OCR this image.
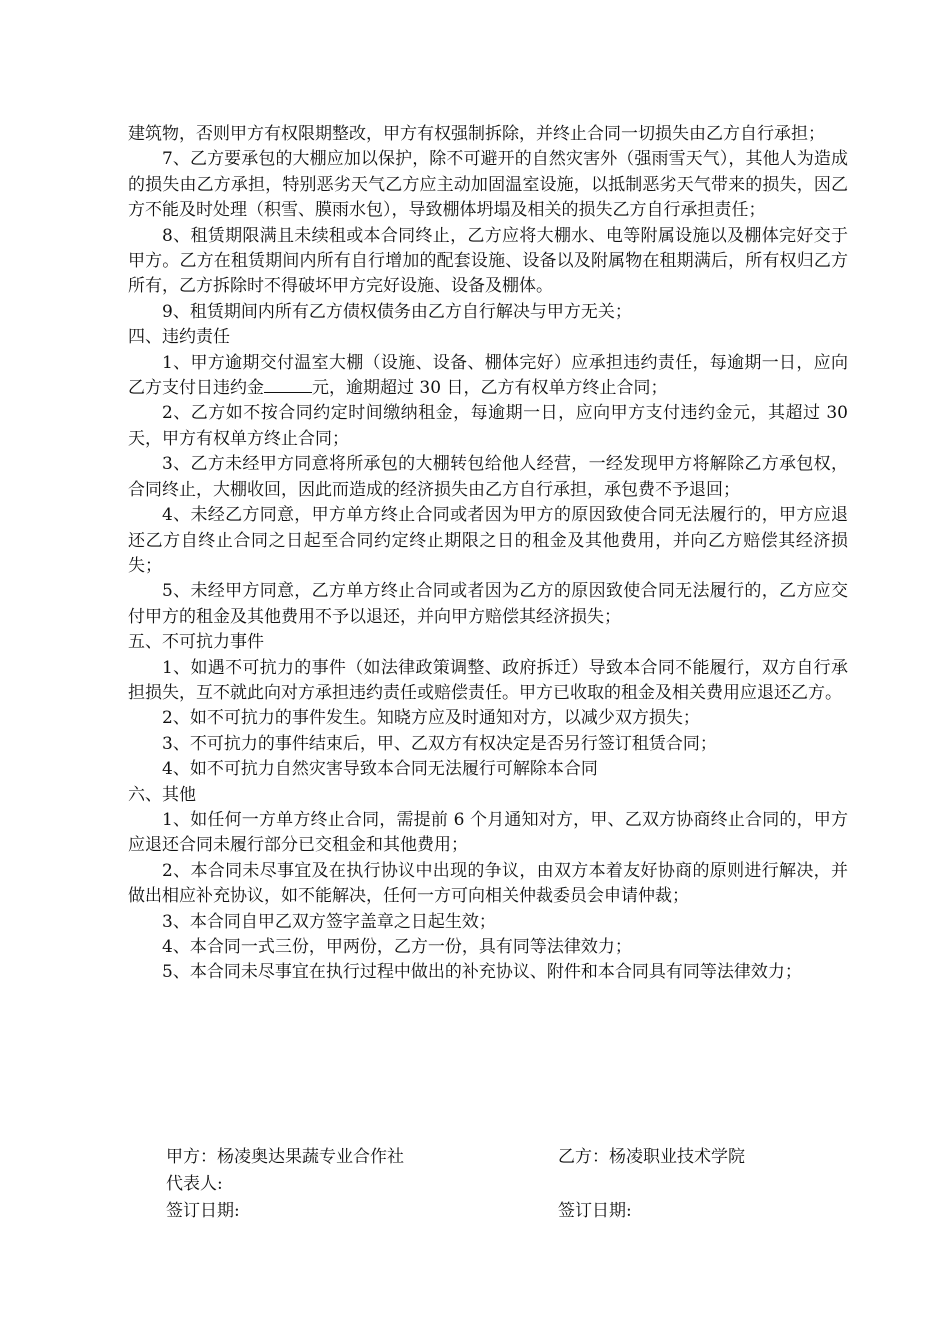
建筑物，否则甲方有权限期整改，甲方有权强制拆除，并终止合同一切损失由乙方自行承担；

7、乙方要承包的大棚应加以保护，除不可避开的自然灾害外（强雨雪天气），其他人为造成的损失由乙方承担，特别恶劣天气乙方应主动加固温室设施，以抵制恶劣天气带来的损失，因乙方不能及时处理（积雪、膜雨水包），导致棚体坍塌及相关的损失乙方自行承担责任；

8、租赁期限满且未续租或本合同终止，乙方应将大棚水、电等附属设施以及棚体完好交于甲方。乙方在租赁期间内所有自行增加的配套设施、设备以及附属物在租期满后，所有权归乙方所有，乙方拆除时不得破坏甲方完好设施、设备及棚体。

9、租赁期间内所有乙方债权债务由乙方自行解决与甲方无关；

四、违约责任

1、甲方逾期交付温室大棚（设施、设备、棚体完好）应承担违约责任，每逾期一日，应向乙方支付日违约金	元，逾期超过 30 日，乙方有权单方终止合同；

2、乙方如不按合同约定时间缴纳租金，每逾期一日，应向甲方支付违约金元，其超过 30 天，甲方有权单方终止合同；

3、乙方未经甲方同意将所承包的大棚转包给他人经营，一经发现甲方将解除乙方承包权，合同终止，大棚收回，因此而造成的经济损失由乙方自行承担，承包费不予退回；

4、未经乙方同意，甲方单方终止合同或者因为甲方的原因致使合同无法履行的，甲方应退还乙方自终止合同之日起至合同约定终止期限之日的租金及其他费用，并向乙方赔偿其经济损失；

5、未经甲方同意，乙方单方终止合同或者因为乙方的原因致使合同无法履行的，乙方应交付甲方的租金及其他费用不予以退还，并向甲方赔偿其经济损失；

五、不可抗力事件

1、如遇不可抗力的事件（如法律政策调整、政府拆迁）导致本合同不能履行，双方自行承担损失，互不就此向对方承担违约责任或赔偿责任。甲方已收取的租金及相关费用应退还乙方。

2、如不可抗力的事件发生。知晓方应及时通知对方，以减少双方损失；

3、不可抗力的事件结束后，甲、乙双方有权决定是否另行签订租赁合同；

4、如不可抗力自然灾害导致本合同无法履行可解除本合同

六、其他

1、如任何一方单方终止合同，需提前 6 个月通知对方，甲、乙双方协商终止合同的，甲方应退还合同未履行部分已交租金和其他费用；

2、本合同未尽事宜及在执行协议中出现的争议，由双方本着友好协商的原则进行解决，并做出相应补充协议，如不能解决，任何一方可向相关仲裁委员会申请仲裁；

3、本合同自甲乙双方签字盖章之日起生效；

4、本合同一式三份，甲两份，乙方一份，具有同等法律效力；

5、本合同未尽事宜在执行过程中做出的补充协议、附件和本合同具有同等法律效力；

甲方：杨凌奥达果蔬专业合作社	乙方：杨凌职业技术学院
代表人:
签订日期:	签订日期:
